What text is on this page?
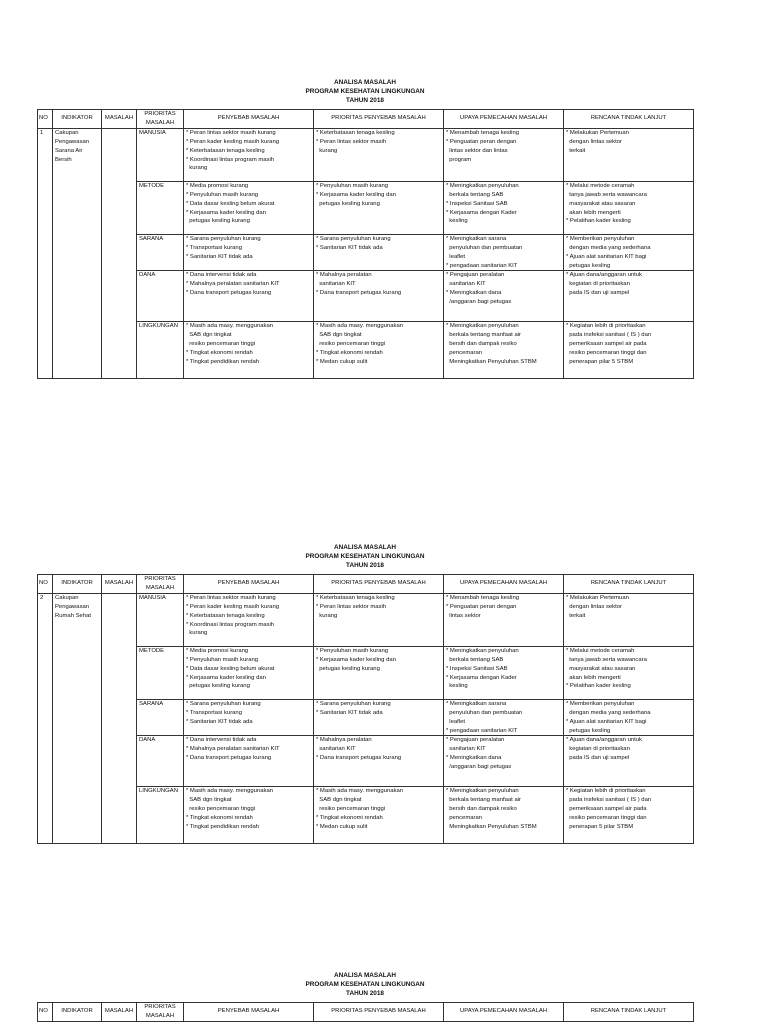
ANALISA MASALAH
PROGRAM KESEHATAN LINGKUNGAN
TAHUN 2018
NO	INDIKATOR	MASALAH	PRIORITAS MASALAH	PENYEBAB MASALAH	PRIORITAS PENYEBAB MASALAH	UPAYA PEMECAHAN MASALAH	RENCANA TINDAK LANJUT
1	Cakupan Pengawasan Sarana Air Bersih		MANUSIA	* Peran lintas sektor masih kurang
* Peran kader kesling masih kurang
* Keterbatasan tenaga kesling
* Koordinasi lintas program masih
kurang	* Keterbatasan tenaga kesling
* Peran lintas sektor masih
kurang	* Menambah tenaga kesling
* Penguatan peran dengan
lintas sektor dan lintas
program	* Melakukan Pertemuan
dengan lintas sektor
terkait

			METODE	* Media promosi kurang
* Penyuluhan masih kurang
* Data dasar kesling belum akurat
* Kerjasama kader kesling dan
petugas kesling kurang	* Penyuluhan masih kurang
* Kerjasama kader kesling dan
petugas kesling kurang	* Meningkatkan penyuluhan
berkala tentang SAB
* Inspeksi Sanitasi SAB
* Kerjasama dengan Kader
kesling	* Melalui metode ceramah
tanya jawab serta wawancara
masyarakat atau sasaran
akan lebih mengerti
* Pelatihan kader kesling

			SARANA	* Sarana penyuluhan kurang
* Transportasi kurang
* Sanitarian KIT tidak ada	* Sarana penyuluhan kurang
* Sanitarian KIT tidak ada	* Meningkatkan sarana
penyuluhan dan pembuatan
leaflet
* pengadaan sanitarian KIT	* Memberikan penyuluhan
dengan media yang sederhana
* Ajuan alat sanitarian KIT bagi
petugas kesling

			DANA	* Dana intervensi tidak ada
* Mahalnya peralatan sanitarian KIT
* Dana transport petugas kurang	* Mahalnya peralatan
sanitarian KIT
* Dana transport petugas kurang	* Pengajuan peralatan
sanitarian KIT
* Meningkatkan dana
/anggaran bagi petugas	* Ajuan dana/anggaran untuk
kegiatan di prioritaskan
pada IS dan uji sampel

			LINGKUNGAN	* Masih ada masy. menggunakan
SAB dgn tingkat
resiko pencemaran tinggi
* Tingkat ekonomi rendah
* Tingkat pendidikan rendah	* Masih ada masy. menggunakan
SAB dgn tingkat
resiko pencemaran tinggi
* Tingkat ekonomi rendah
* Medan cukup sulit	* Meningkatkan penyuluhan
berkala tentang manfaat air
bersih dan dampak resiko
pencemaran
Meningkatkan Penyuluhan STBM	* Kegiatan lebih di prioritaskan
pada insfeksi sanitasi ( IS ) dan
pemeriksaan sampel air pada
resiko pencemaran tinggi dan
penerapan pilar 5 STBM
ANALISA MASALAH
PROGRAM KESEHATAN LINGKUNGAN
TAHUN 2018
NO	INDIKATOR	MASALAH	PRIORITAS MASALAH	PENYEBAB MASALAH	PRIORITAS PENYEBAB MASALAH	UPAYA PEMECAHAN MASALAH	RENCANA TINDAK LANJUT
2	Cakupan Pengawasan Rumah Sehat		MANUSIA	* Peran lintas sektor masih kurang
* Peran kader kesling masih kurang
* Keterbatasan tenaga kesling
* Koordinasi lintas program masih
kurang	* Keterbatasan tenaga kesling
* Peran lintas sektor masih
kurang	* Menambah tenaga kesling
* Penguatan peran dengan
lintas sektor	* Melakukan Pertemuan
dengan lintas sektor
terkait

			METODE	* Media promosi kurang
* Penyuluhan masih kurang
* Data dasar kesling belum akurat
* Kerjasama kader kesling dan
petugas kesling kurang	* Penyuluhan masih kurang
* Kerjasama kader kesling dan
petugas kesling kurang	* Meningkatkan penyuluhan
berkala tentang SAB
* Inspeksi Sanitasi SAB
* Kerjasama dengan Kader
kesling	* Melalui metode ceramah
tanya jawab serta wawancara
masyarakat atau sasaran
akan lebih mengerti
* Pelatihan kader kesling

			SARANA	* Sarana penyuluhan kurang
* Transportasi kurang
* Sanitarian KIT tidak ada	* Sarana penyuluhan kurang
* Sanitarian KIT tidak ada	* Meningkatkan sarana
penyuluhan dan pembuatan
leaflet
* pengadaan sanitarian KIT	* Memberikan penyuluhan
dengan media yang sederhana
* Ajuan alat sanitarian KIT bagi
petugas kesling

			DANA	* Dana intervensi tidak ada
* Mahalnya peralatan sanitarian KIT
* Dana transport petugas kurang	* Mahalnya peralatan
sanitarian KIT
* Dana transport petugas kurang	* Pengajuan peralatan
sanitarian KIT
* Meningkatkan dana
/anggaran bagi petugas	* Ajuan dana/anggaran untuk
kegiatan di prioritaskan
pada IS dan uji sampel

			LINGKUNGAN	* Masih ada masy. menggunakan
SAB dgn tingkat
resiko pencemaran tinggi
* Tingkat ekonomi rendah
* Tingkat pendidikan rendah	* Masih ada masy. menggunakan
SAB dgn tingkat
resiko pencemaran tinggi
* Tingkat ekonomi rendah
* Medan cukup sulit	* Meningkatkan penyuluhan
berkala tentang manfaat air
bersih dan dampak resiko
pencemaran
Meningkatkan Penyuluhan STBM	* Kegiatan lebih di prioritaskan
pada insfeksi sanitasi ( IS ) dan
pemeriksaan sampel air pada
resiko pencemaran tinggi dan
penerapan 5 pilar STBM
ANALISA MASALAH
PROGRAM KESEHATAN LINGKUNGAN
TAHUN 2018
NO	INDIKATOR	MASALAH	PRIORITAS MASALAH	PENYEBAB MASALAH	PRIORITAS PENYEBAB MASALAH	UPAYA PEMECAHAN MASALAH	RENCANA TINDAK LANJUT
